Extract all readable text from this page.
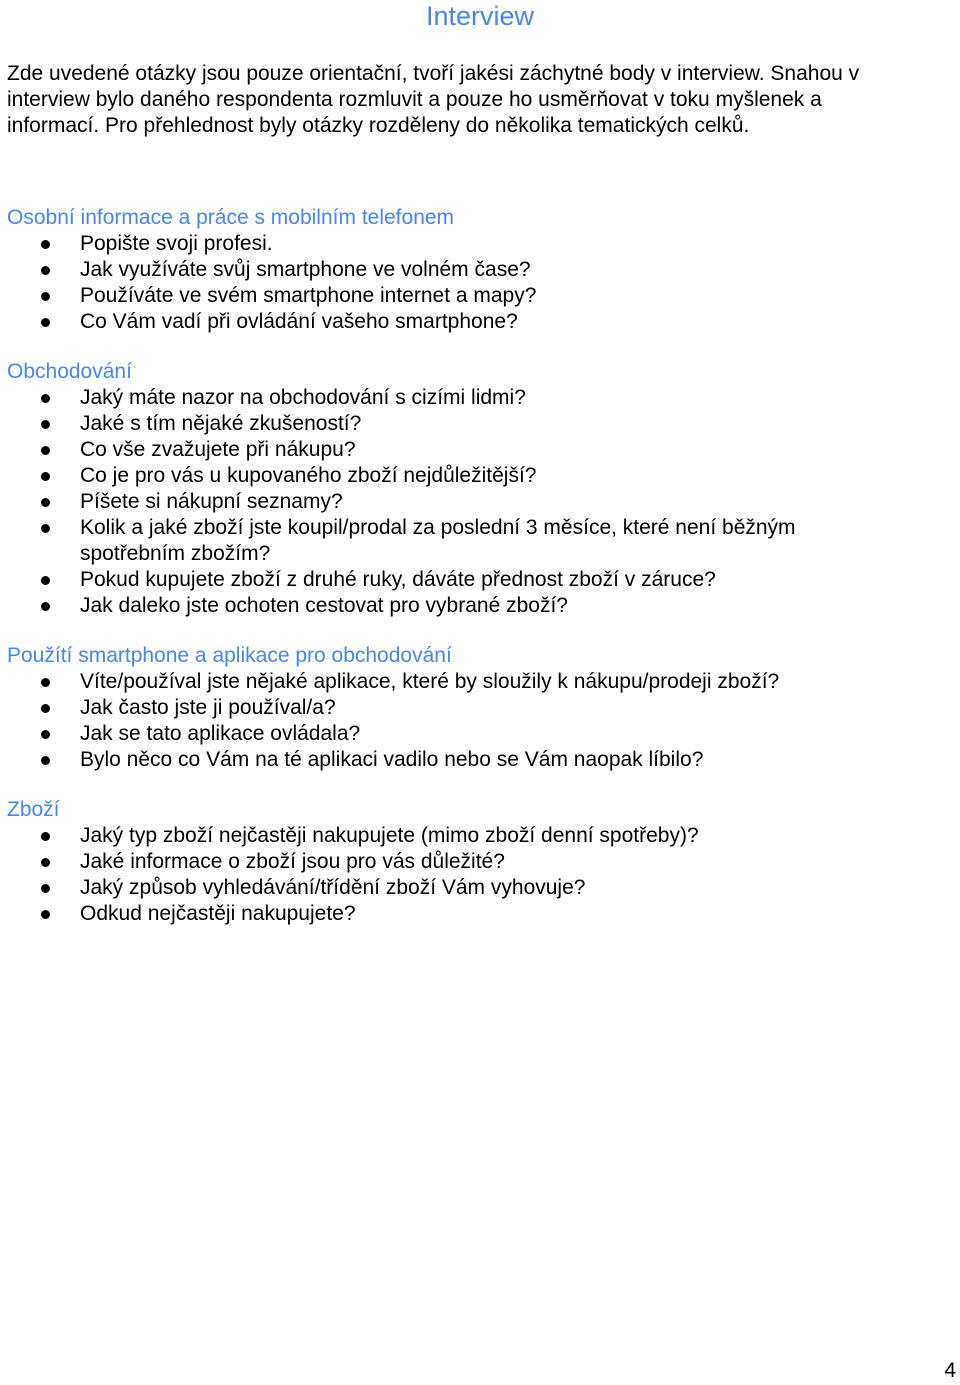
Interview

Zde uvedené otázky jsou pouze orientační, tvoří jakési záchytné body v interview. Snahou v interview bylo daného respondenta rozmluvit a pouze ho usměrňovat v toku myšlenek a informací. Pro přehlednost byly otázky rozděleny do několika tematických celků.

Osobní informace a práce s mobilním telefonem
Popište svoji profesi.
Jak využíváte svůj smartphone ve volném čase?
Používáte ve svém smartphone internet a mapy?
Co Vám vadí při ovládání vašeho smartphone?
Obchodování
Jaký máte nazor na obchodování s cizími lidmi?
Jaké s tím nějaké zkušeností?
Co vše zvažujete při nákupu?
Co je pro vás u kupovaného zboží nejdůležitější?
Píšete si nákupní seznamy?
Kolik a jaké zboží jste koupil/prodal za poslední 3 měsíce, které není běžným spotřebním zbožím?
Pokud kupujete zboží z druhé ruky, dáváte přednost zboží v záruce?
Jak daleko jste ochoten cestovat pro vybrané zboží?
Použítí smartphone a aplikace pro obchodování
Víte/používal jste nějaké aplikace, které by sloužily k nákupu/prodeji zboží?
Jak často jste ji používal/a?
Jak se tato aplikace ovládala?
Bylo něco co Vám na té aplikaci vadilo nebo se Vám naopak líbilo?
Zboží
Jaký typ zboží nejčastěji nakupujete (mimo zboží denní spotřeby)?
Jaké informace o zboží jsou pro vás důležité?
Jaký způsob vyhledávání/třídění zboží Vám vyhovuje?
Odkud nejčastěji nakupujete?

4
